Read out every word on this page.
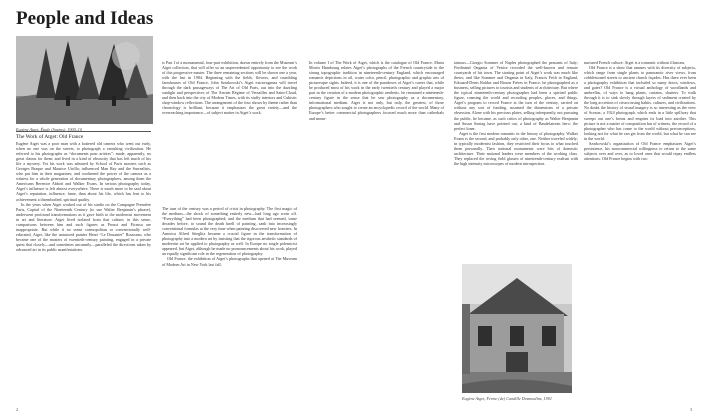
People and Ideas
Eugène Atget, Étude (Sapins), 1900–10
Eugène Atget, Ferme (de) Candille Desmoulins, 1901
The Work of Atget: Old France

Eugène Atget was a poor man with a battered old camera who went out early, when no one was on the streets, to photograph a vanishing civilization. He referred to his photographs as “documents pour artistes”; made, apparently, no great claims for them; and lived in a kind of obscurity that has left much of his life a mystery. Yet his work was admired by School of Paris masters such as Georges Braque and Maurice Utrillo; influenced Man Ray and the Surrealists, who put him in their magazines; and confirmed the power of the camera as a witness for a whole generation of documentary photographers, among them the Americans Berenice Abbott and Walker Evans. In serious photography today, Atget’s influence is felt almost everywhere. There is much more to be said about Atget’s reputation, influence, fame, than about his life, which has lent to his achievement a disembodied, spiritual quality.

In the years when Atget worked out of his studio on the Campagne Première Paris, Capital of the Nineteenth Century (to use Walter Benjamin’s phrase), underwent profound transformations as it gave birth to the modernist movement in art and literature. Atget lived isolated from that culture; in this sense, comparisons between him and such figures as Proust and Picasso are inappropriate. But while it no sense cosmopolitan or conventionally well-educated, Atget, like the untutored painter Henri “Le Douanier” Rousseau, who became one of the masters of twentieth-century painting, engaged in a private quest that closely—and sometimes uncannily—paralleled the directions taken by advanced art in its public manifestations.

is Part I of a monumental, four-part exhibition, drawn entirely from the Museum’s Atget collection, that will offer us an unprecedented opportunity to see the work of this progressive master. The three remaining sections will be shown one a year, with the last in 1984. Beginning with the fields, flowers, and crumbling farmhouses of Old France, John Szarkowski’s Atget extravaganza will travel through the dark passageways of The Art of Old Paris, out into the dazzling sunlight and perspectives of The Ancien Régime of Versailles and Saint-Cloud, and then back into the city of Modern Times, with its stuffy interiors and Cubistic shop-window reflections. The arrangement of the four shows by theme rather than chronology is brilliant, because it emphasizes the great variety—and the overreaching importance—of subject matter in Atget’s work.

The turn of the century was a period of crisis in photography. The first magic of the medium—the shock of something entirely new—had long ago worn off. “Everything” had been photographed; and the medium that had seemed, some decades before, to sound the death knell of painting, sank into increasingly conventional formulas at the very time when painting discovered new frontiers. In America Alfred Stieglitz became a crucial figure in the transformation of photography into a modern art by insisting that the rigorous aesthetic standards of modernist art be applied to photography as well. In Europe no single polemicist appeared, but Atget, although he made no pronouncements about his work, played an equally significant role in the regeneration of photography.

Old France, the exhibition of Atget’s photographs that opened at The Museum of Modern Art in New York last fall,

In volume I of The Work of Atget, which is the catalogue of Old France, Maria Morris Hambourg relates Atget’s photographs of the French countryside to the strong topographic tradition in nineteenth-century England, which encouraged romantic depictions in oil, water color, pencil, photographic and graphic arts of picturesque sights. Indeed, it is one of the paradoxes of Atget’s career that, while he produced most of his work in the early twentieth century and played a major part in the creation of a modern photographic aesthetic, he remained a nineteenth-century figure in the sense that he saw photography as a documentary, informational medium. Atget is not only, but only, the greatest, of those photographers who sought to create an encyclopedic record of the world. Many of Europe’s better commercial photographers focused much more than cathedrals and moun-

tainous—Giorgio Sommer of Naples photographed the peasants of Italy; Ferdinand Ongania of Venice recorded the well-known and remote courtyards of his town. The starting point of Atget’s work was much like theirs; and like Sommer and Ongania in Italy, Francis Frith in England, Edouard-Denis Baldus and Bisson Frères in France, he photographed as a business, selling pictures to tourists and students of architecture. But where the typical nineteenth-century photographer had been a spirited public figure, roaming the world and recording peoples, places, and things, Atget’s program to record France at the turn of the century, carried on without any sort of funding, assumed the dimensions of a private obsession. Alone with his precious plates, selling infrequently, not pursuing the public, he became, as such critics of photography as Walter Benjamin and Susan Sontag have pointed out, a kind of Baudelairean hero: the perfect loner.

Atget is the first modern romantic in the history of photography. Walker Evans is the second, and probably only other, one. Neither traveled widely; in typically modernist fashion, they restricted their focus to what touched them personally. Their national monuments were bits of domestic architecture. Their national leaders were members of the working class. They replaced the roving field glasses of nineteenth-century realism with the high intensity microscopes of modern introspection.

nurtured French culture. Atget is a romantic without illusions.

Old France is a show that amazes with its diversity of subjects, which range from single plants to panoramic river views, from cobblestoned streets to ancient church façades. Has there ever been a photography exhibition that included so many doors, windows, and gates? Old France is a virtual anthology of woodlands and umbrellas, of ways to hang plants, curtains, shutters. To walk through it is to sink slowly through layers of sediment created by the long accretion of crisscrossing habits, cultures, and civilizations. No doubt the history of visual imagery is so interesting as the view of Sceaux, a 1924 photograph, which ends in a little spillway that sweeps out one’s breast and empties its load into another. This picture is not a matter of composition but of witness, the record of a photographer who has come to the world without preconceptions, looking not for what he can get from the world, but what he can see in the world.

Szarkowski’s organization of Old France emphasizes Atget’s persistence, his noncommercial willingness to return to the same subjects over and over, as to loved ones that would repay endless attentions. Old France begins with two

2	3
